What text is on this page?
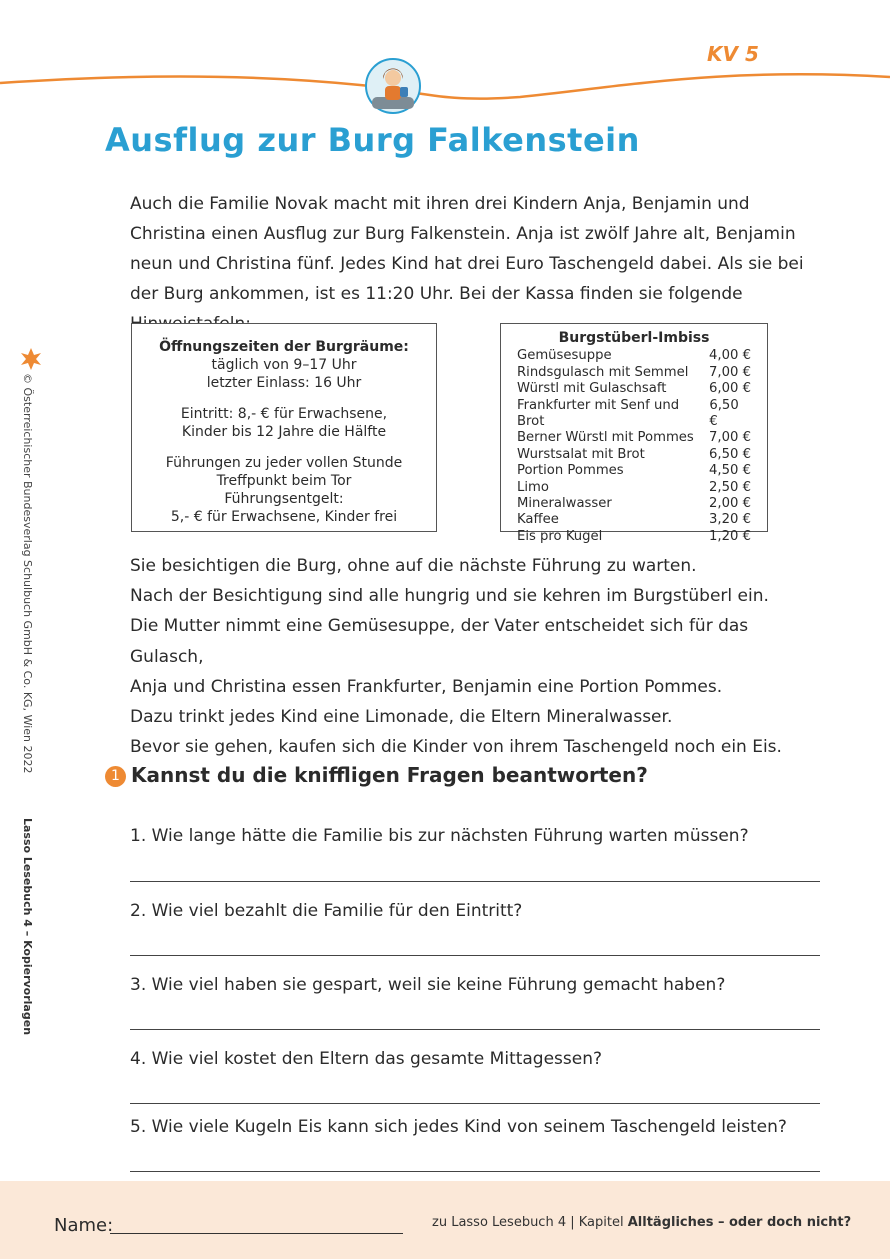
KV 5
Ausflug zur Burg Falkenstein

Auch die Familie Novak macht mit ihren drei Kindern Anja, Benjamin und Christina einen Ausflug zur Burg Falkenstein. Anja ist zwölf Jahre alt, Benjamin neun und Christina fünf. Jedes Kind hat drei Euro Taschengeld dabei. Als sie bei der Burg ankommen, ist es 11:20 Uhr. Bei der Kassa finden sie folgende

Öffnungszeiten der Burgräume:
täglich von 9–17 Uhr
letzter Einlass: 16 Uhr

Eintritt: 8,- € für Erwachsene,
Kinder bis 12 Jahre die Hälfte

Führungen zu jeder vollen Stunde
Treffpunkt beim Tor
Führungsentgelt:
5,- € für Erwachsene, Kinder frei

Burgstüberl-Imbiss
Gemüsesuppe	4,00 €
Rindsgulasch mit Semmel 7,00 €
Würstl mit Gulaschsaft	6,00 €
Frankfurter mit Senf und Brot
6,50 €
Berner Würstl mit Pommes 7,00 €
Wurstsalat mit Brot	6,50 €
Portion Pommes	4,50 €
Limo	2,50 €
Mineralwasser	2,00 €
Kaffee	3,20 €
Eis pro Kugel	1,20 €
Sie besichtigen die Burg, ohne auf die nächste Führung zu warten.
Nach der Besichtigung sind alle hungrig und sie kehren im Burgstüberl ein.
Die Mutter nimmt eine Gemüsesuppe, der Vater entscheidet sich für das Gulasch,
Anja und Christina essen Frankfurter, Benjamin eine Portion Pommes.
Dazu trinkt jedes Kind eine Limonade, die Eltern Mineralwasser.
Bevor sie gehen, kaufen sich die Kinder von ihrem Taschengeld noch ein Eis.
1 Kannst du die kniffligen Fragen beantworten?

1. Wie lange hätte die Familie bis zur nächsten Führung warten müssen?

2. Wie viel bezahlt die Familie für den Eintritt?

3. Wie viel haben sie gespart, weil sie keine Führung gemacht haben?

4. Wie viel kostet den Eltern das gesamte Mittagessen?

5. Wie viele Kugeln Eis kann sich jedes Kind von seinem Taschengeld leisten?

© Österreichischer Bundesverlag Schulbuch GmbH & Co. KG, Wien 2022
Lasso Lesebuch 4 – Kopiervorlagen
Name:	zu Lasso Lesebuch 4 | Kapitel Alltägliches – oder doch nicht?
